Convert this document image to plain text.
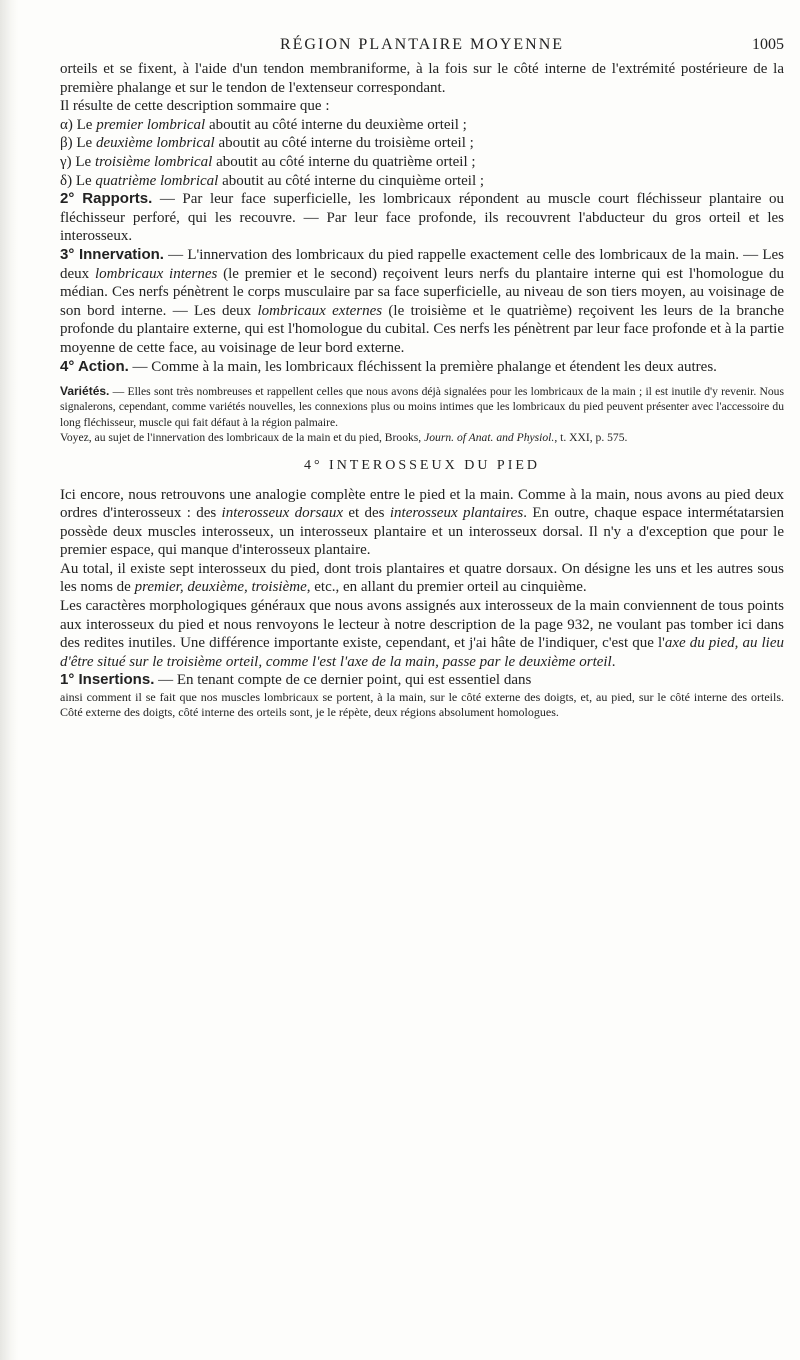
RÉGION PLANTAIRE MOYENNE	1005

orteils et se fixent, à l'aide d'un tendon membraniforme, à la fois sur le côté interne de l'extrémité postérieure de la première phalange et sur le tendon de l'extenseur correspondant.

Il résulte de cette description sommaire que :

α) Le premier lombrical aboutit au côté interne du deuxième orteil ;

β) Le deuxième lombrical aboutit au côté interne du troisième orteil ;

γ) Le troisième lombrical aboutit au côté interne du quatrième orteil ;

δ) Le quatrième lombrical aboutit au côté interne du cinquième orteil ;

2° Rapports. — Par leur face superficielle, les lombricaux répondent au muscle court fléchisseur plantaire ou fléchisseur perforé, qui les recouvre. — Par leur face profonde, ils recouvrent l'abducteur du gros orteil et les interosseux.

3° Innervation. — L'innervation des lombricaux du pied rappelle exactement celle des lombricaux de la main. — Les deux lombricaux internes (le premier et le second) reçoivent leurs nerfs du plantaire interne qui est l'homologue du médian. Ces nerfs pénètrent le corps musculaire par sa face superficielle, au niveau de son tiers moyen, au voisinage de son bord interne. — Les deux lombricaux externes (le troisième et le quatrième) reçoivent les leurs de la branche profonde du plantaire externe, qui est l'homologue du cubital. Ces nerfs les pénètrent par leur face profonde et à la partie moyenne de cette face, au voisinage de leur bord externe.

4° Action. — Comme à la main, les lombricaux fléchissent la première phalange et étendent les deux autres.

Variétés. — Elles sont très nombreuses et rappellent celles que nous avons déjà signalées pour les lombricaux de la main ; il est inutile d'y revenir. Nous signalerons, cependant, comme variétés nouvelles, les connexions plus ou moins intimes que les lombricaux du pied peuvent présenter avec l'accessoire du long fléchisseur, muscle qui fait défaut à la région palmaire.

Voyez, au sujet de l'innervation des lombricaux de la main et du pied, Brooks, Journ. of Anat. and Physiol., t. XXI, p. 575.

4° INTEROSSEUX DU PIED

Ici encore, nous retrouvons une analogie complète entre le pied et la main. Comme à la main, nous avons au pied deux ordres d'interosseux : des interosseux dorsaux et des interosseux plantaires. En outre, chaque espace intermétatarsien possède deux muscles interosseux, un interosseux plantaire et un interosseux dorsal. Il n'y a d'exception que pour le premier espace, qui manque d'interosseux plantaire.

Au total, il existe sept interosseux du pied, dont trois plantaires et quatre dorsaux. On désigne les uns et les autres sous les noms de premier, deuxième, troisième, etc., en allant du premier orteil au cinquième.

Les caractères morphologiques généraux que nous avons assignés aux interosseux de la main conviennent de tous points aux interosseux du pied et nous renvoyons le lecteur à notre description de la page 932, ne voulant pas tomber ici dans des redites inutiles. Une différence importante existe, cependant, et j'ai hâte de l'indiquer, c'est que l'axe du pied, au lieu d'être situé sur le troisième orteil, comme l'est l'axe de la main, passe par le deuxième orteil.

1° Insertions. — En tenant compte de ce dernier point, qui est essentiel dans

ainsi comment il se fait que nos muscles lombricaux se portent, à la main, sur le côté externe des doigts, et, au pied, sur le côté interne des orteils. Côté externe des doigts, côté interne des orteils sont, je le répète, deux régions absolument homologues.
